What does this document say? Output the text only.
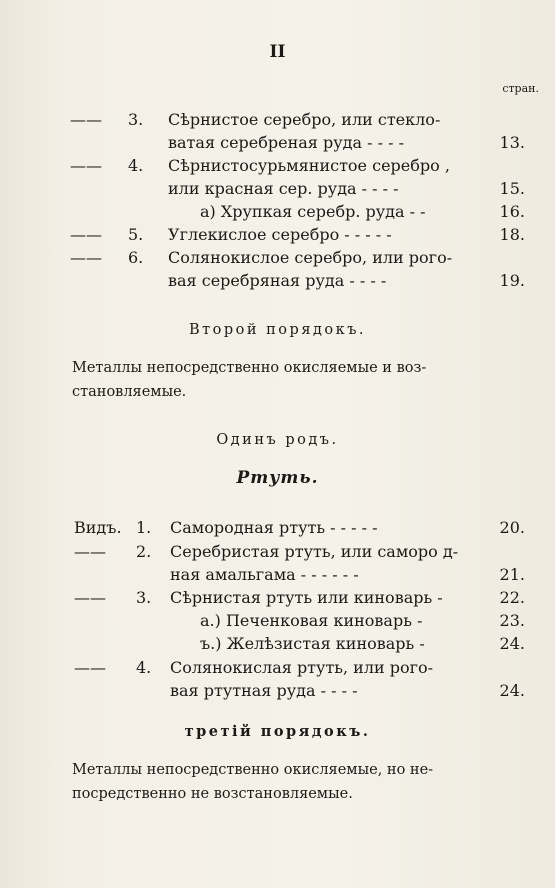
II
стран.
—— 3. Сѣрнистое серебро, или стекло-
ватая серебреная руда - - - -	13.
—— 4. Сѣрнистосурьмянистое серебро ,
или красная сер. руда - - - -	15.
а) Хрупкая серебр. руда - -	16.
—— 5. Углекислое серебро - - - - -	18.
—— 6. Солянокислое серебро, или рого-
вая серебряная руда - - - -	19.
Второй порядокъ.
Металлы непосредственно окисляемые и воз-
становляемые.
Одинъ родъ.
Ртуть.
Видъ. 1. Самородная ртуть - - - - -	20.
—— 2. Серебристая ртуть, или саморо д-
ная амальгама - - - - - -	21.
—— 3. Сѣрнистая ртуть или киноварь -	22.
а.) Печенковая киноварь -	23.
ъ.) Желѣзистая киноварь -	24.
—— 4. Солянокислая ртуть, или рого-
вая ртутная руда - - - -	24.
третій порядокъ.
Металлы непосредственно окисляемые, но не-
посредственно не возстановляемые.
